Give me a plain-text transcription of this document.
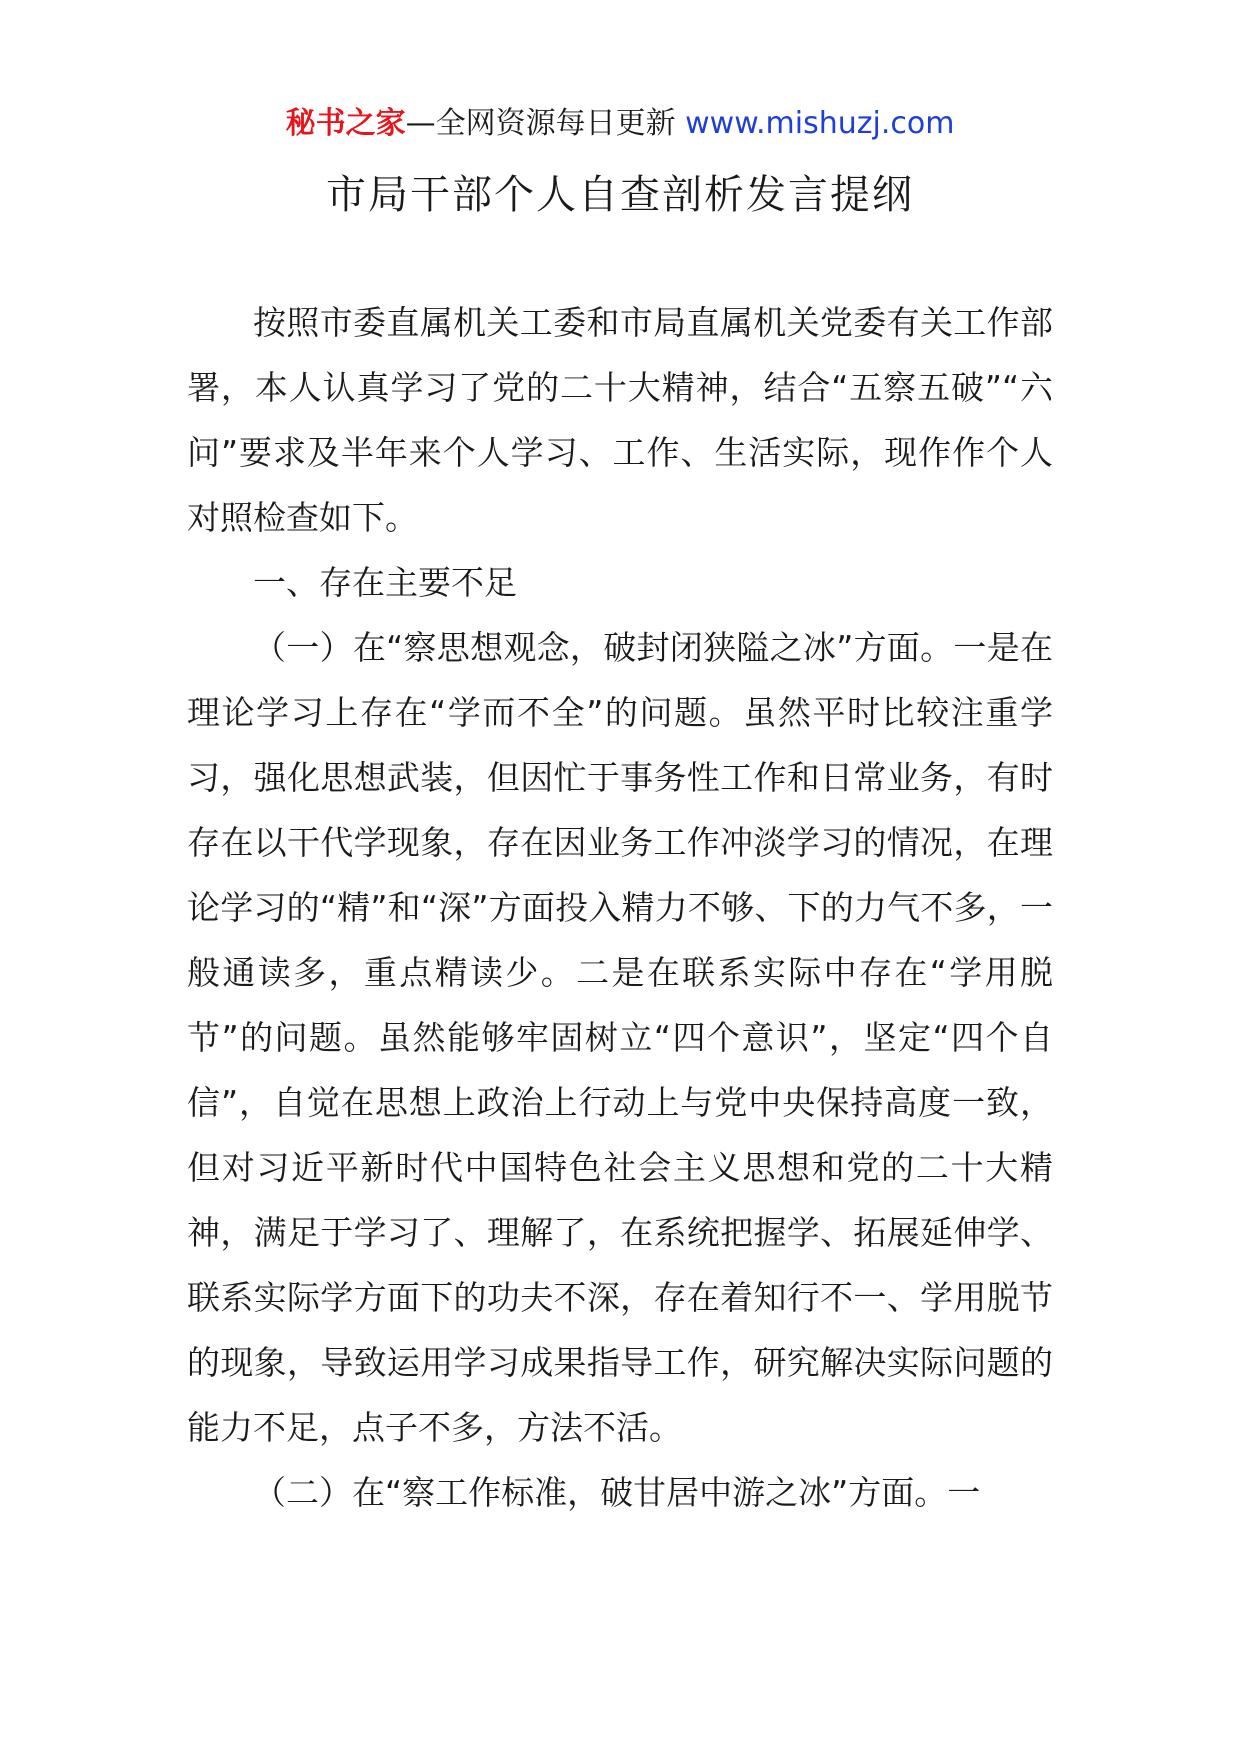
秘书之家—全网资源每日更新 www.mishuzj.com
市局干部个人自查剖析发言提纲

按照市委直属机关工委和市局直属机关党委有关工作部署，本人认真学习了党的二十大精神，结合“五察五破”“六问”要求及半年来个人学习、工作、生活实际，现作作个人对照检查如下。

一、存在主要不足

（一）在“察思想观念，破封闭狭隘之冰”方面。一是在理论学习上存在“学而不全”的问题。虽然平时比较注重学习，强化思想武装，但因忙于事务性工作和日常业务，有时存在以干代学现象，存在因业务工作冲淡学习的情况，在理论学习的“精”和“深”方面投入精力不够、下的力气不多，一般通读多，重点精读少。二是在联系实际中存在“学用脱节”的问题。虽然能够牢固树立“四个意识”，坚定“四个自信”，自觉在思想上政治上行动上与党中央保持高度一致，但对习近平新时代中国特色社会主义思想和党的二十大精神，满足于学习了、理解了，在系统把握学、拓展延伸学、联系实际学方面下的功夫不深，存在着知行不一、学用脱节的现象，导致运用学习成果指导工作，研究解决实际问题的能力不足，点子不多，方法不活。

（二）在“察工作标准，破甘居中游之冰”方面。一
